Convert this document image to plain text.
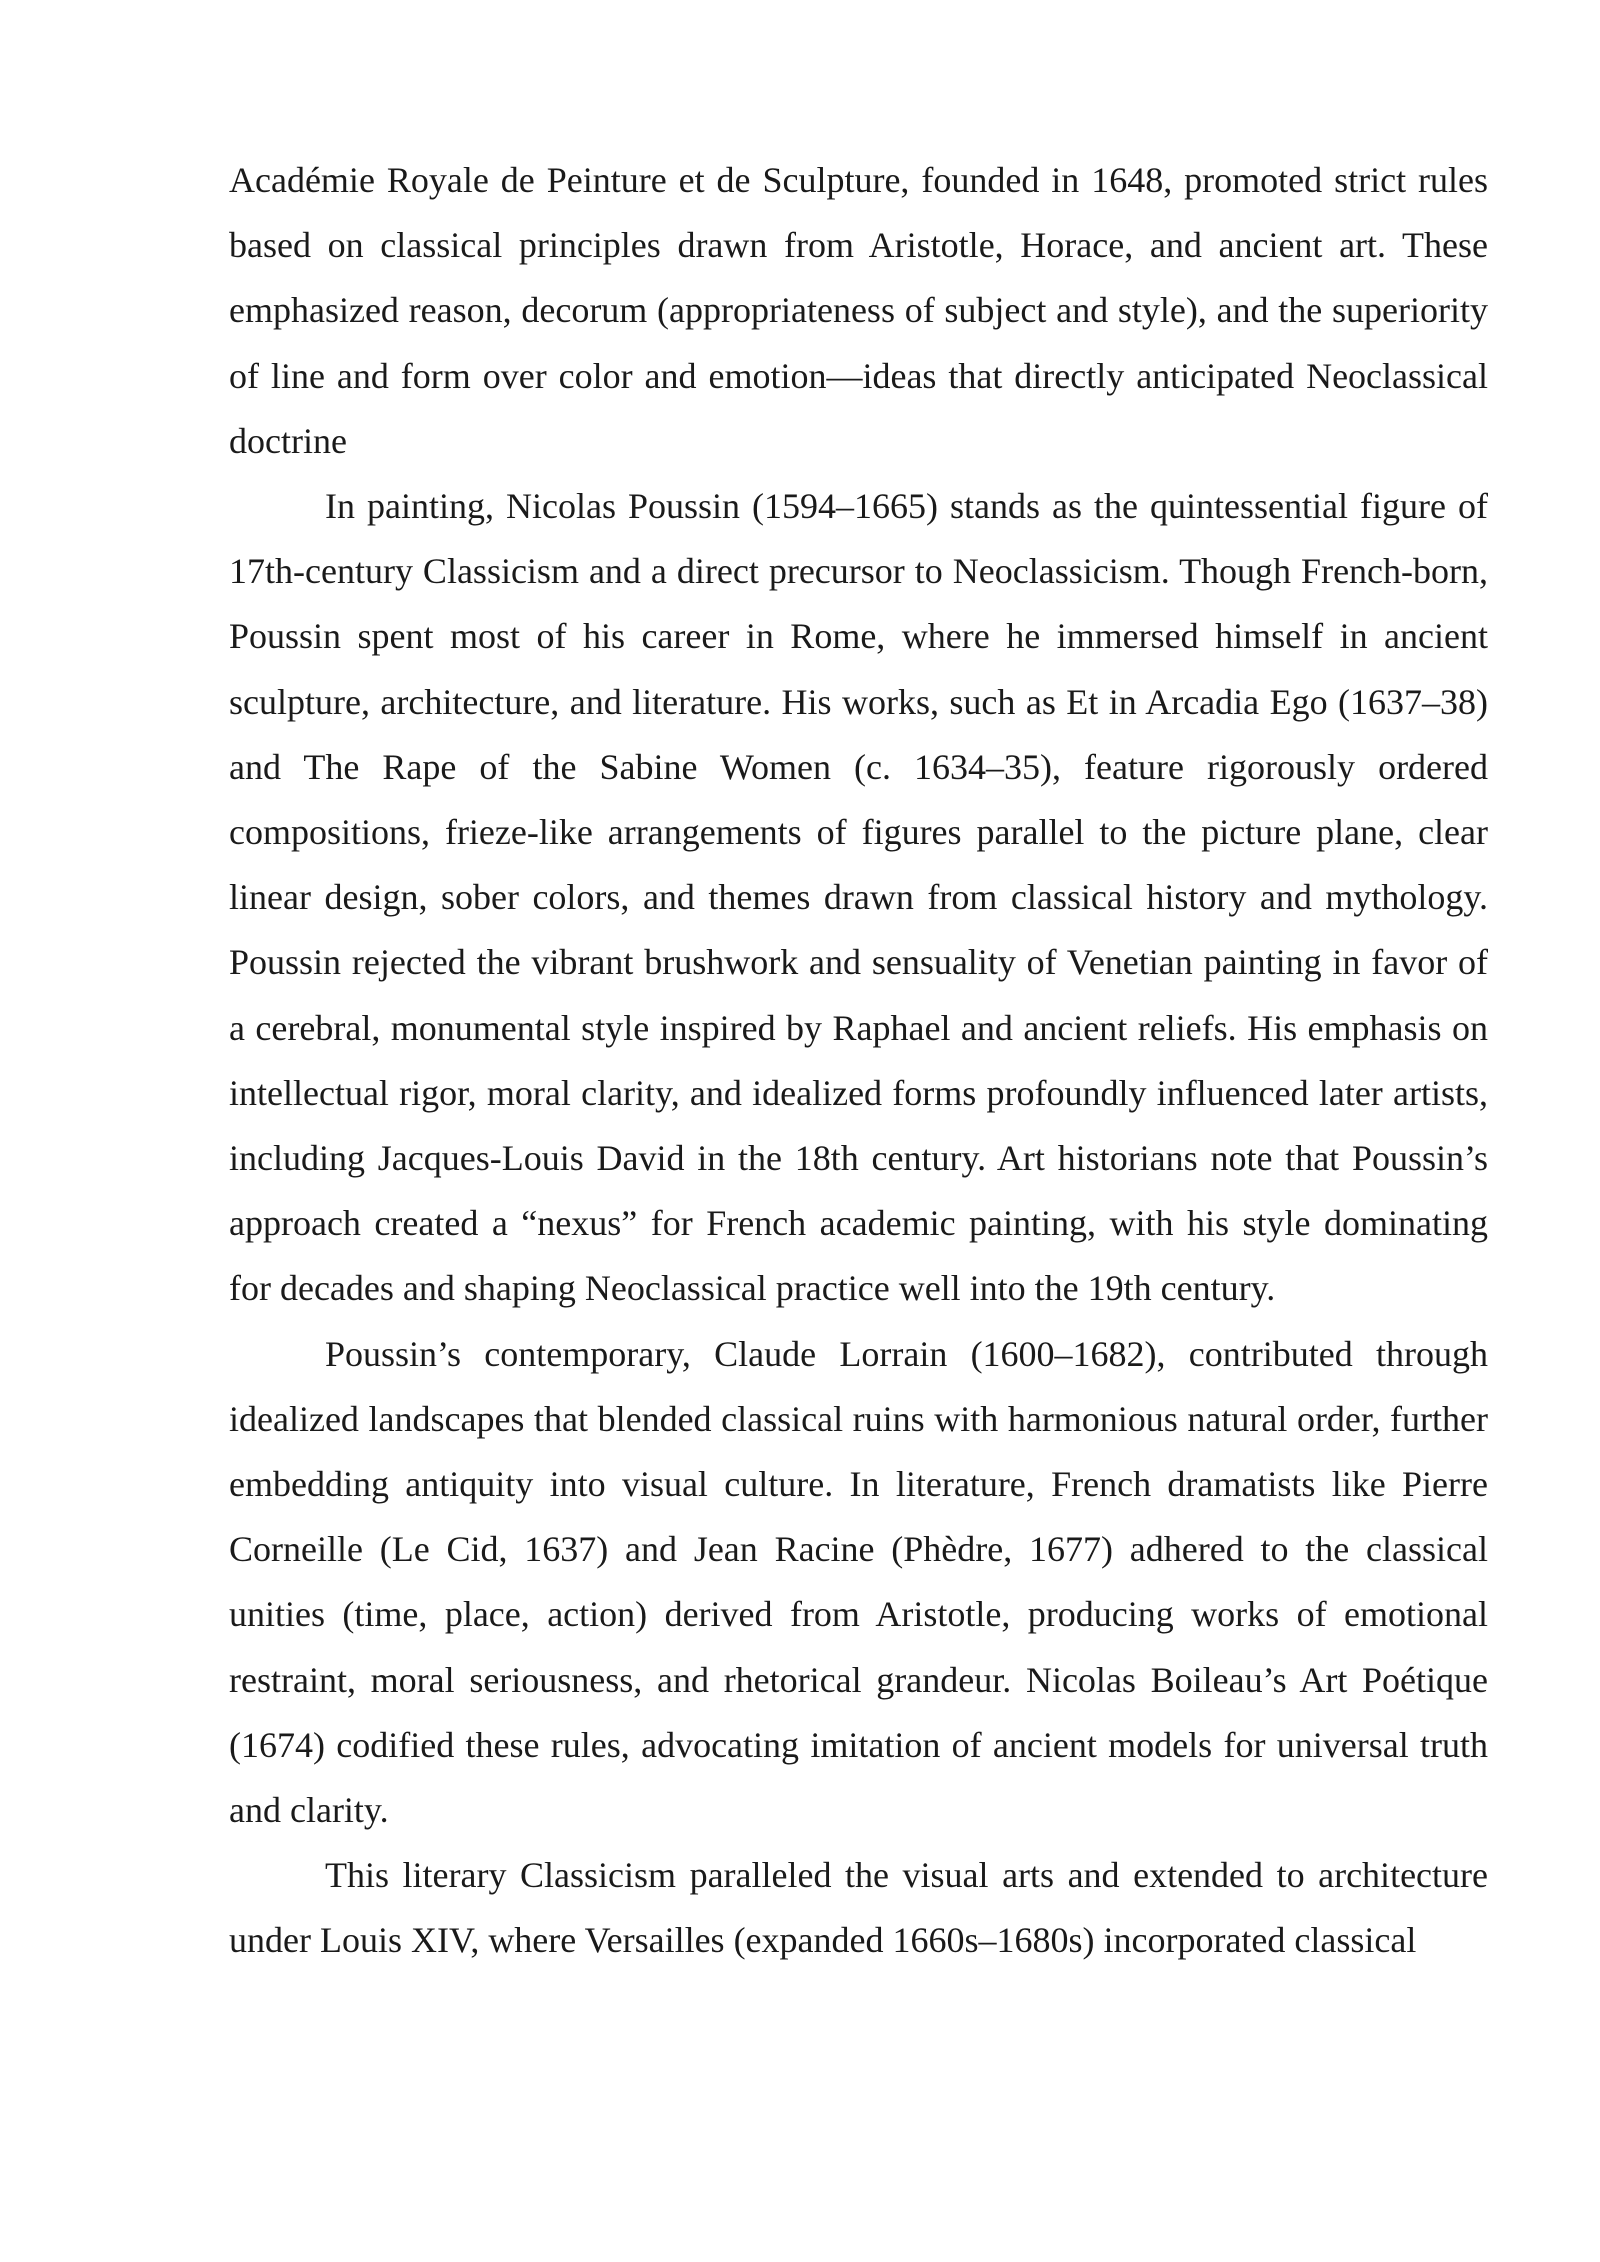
Académie Royale de Peinture et de Sculpture, founded in 1648, promoted strict rules based on classical principles drawn from Aristotle, Horace, and ancient art. These emphasized reason, decorum (appropriateness of subject and style), and the superiority of line and form over color and emotion—ideas that directly anticipated Neoclassical doctrine

In painting, Nicolas Poussin (1594–1665) stands as the quintessential figure of 17th-century Classicism and a direct precursor to Neoclassicism. Though French-born, Poussin spent most of his career in Rome, where he immersed himself in ancient sculpture, architecture, and literature. His works, such as Et in Arcadia Ego (1637–38) and The Rape of the Sabine Women (c. 1634–35), feature rigorously ordered compositions, frieze-like arrangements of figures parallel to the picture plane, clear linear design, sober colors, and themes drawn from classical history and mythology. Poussin rejected the vibrant brushwork and sensuality of Venetian painting in favor of a cerebral, monumental style inspired by Raphael and ancient reliefs. His emphasis on intellectual rigor, moral clarity, and idealized forms profoundly influenced later artists, including Jacques-Louis David in the 18th century. Art historians note that Poussin’s approach created a “nexus” for French academic painting, with his style dominating for decades and shaping Neoclassical practice well into the 19th century.

Poussin’s contemporary, Claude Lorrain (1600–1682), contributed through idealized landscapes that blended classical ruins with harmonious natural order, further embedding antiquity into visual culture. In literature, French dramatists like Pierre Corneille (Le Cid, 1637) and Jean Racine (Phèdre, 1677) adhered to the classical unities (time, place, action) derived from Aristotle, producing works of emotional restraint, moral seriousness, and rhetorical grandeur. Nicolas Boileau’s Art Poétique (1674) codified these rules, advocating imitation of ancient models for universal truth and clarity.

This literary Classicism paralleled the visual arts and extended to architecture under Louis XIV, where Versailles (expanded 1660s–1680s) incorporated classical
